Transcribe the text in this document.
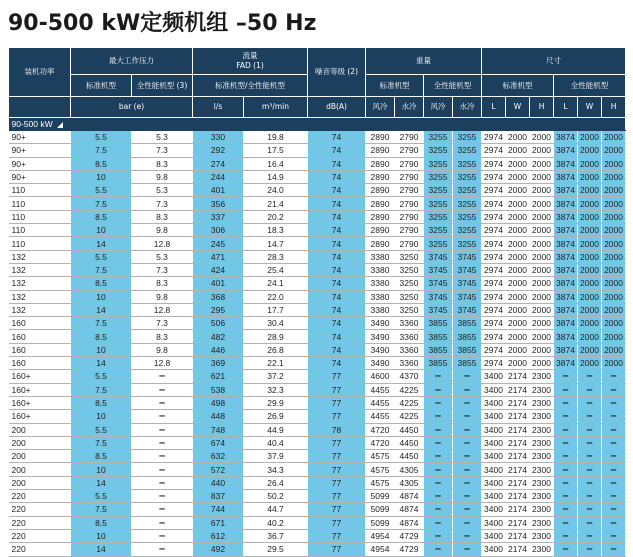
90-500 kW定频机组 –50 Hz
装机功率	最大工作压力		流量
FAD (1)		噪音等级 (2)	重量				尺寸					
	标准机型	全性能机型 (3)	标准机型/全性能机型			标准机型		全性能机型		标准机型			全性能机型		
	bar (e)		l/s	m³/min	dB(A)	风冷	水冷	风冷	水冷	L	W	H	L	W	H
90-500 kW															
90+	5.5	5.3	330	19.8	74	2890	2790	3255	3255	2974	2000	2000	3874	2000	2000
90+	7.5	7.3	292	17.5	74	2890	2790	3255	3255	2974	2000	2000	3874	2000	2000
90+	8.5	8.3	274	16.4	74	2890	2790	3255	3255	2974	2000	2000	3874	2000	2000
90+	10	9.8	244	14.9	74	2890	2790	3255	3255	2974	2000	2000	3874	2000	2000
110	5.5	5.3	401	24.0	74	2890	2790	3255	3255	2974	2000	2000	3874	2000	2000
110	7.5	7.3	356	21.4	74	2890	2790	3255	3255	2974	2000	2000	3874	2000	2000
110	8.5	8.3	337	20.2	74	2890	2790	3255	3255	2974	2000	2000	3874	2000	2000
110	10	9.8	306	18.3	74	2890	2790	3255	3255	2974	2000	2000	3874	2000	2000
110	14	12.8	245	14.7	74	2890	2790	3255	3255	2974	2000	2000	3874	2000	2000
132	5.5	5.3	471	28.3	74	3380	3250	3745	3745	2974	2000	2000	3874	2000	2000
132	7.5	7.3	424	25.4	74	3380	3250	3745	3745	2974	2000	2000	3874	2000	2000
132	8.5	8.3	401	24.1	74	3380	3250	3745	3745	2974	2000	2000	3874	2000	2000
132	10	9.8	368	22.0	74	3380	3250	3745	3745	2974	2000	2000	3874	2000	2000
132	14	12.8	295	17.7	74	3380	3250	3745	3745	2974	2000	2000	3874	2000	2000
160	7.5	7.3	506	30.4	74	3490	3360	3855	3855	2974	2000	2000	3874	2000	2000
160	8.5	8.3	482	28.9	74	3490	3360	3855	3855	2974	2000	2000	3874	2000	2000
160	10	9.8	446	26.8	74	3490	3360	3855	3855	2974	2000	2000	3874	2000	2000
160	14	12.8	369	22.1	74	3490	3360	3855	3855	2974	2000	2000	3874	2000	2000
160+	5.5	–	621	37.2	77	4600	4370	–	–	3400	2174	2300	–	–	–
160+	7.5	–	538	32.3	77	4455	4225	–	–	3400	2174	2300	–	–	–
160+	8.5	–	498	29.9	77	4455	4225	–	–	3400	2174	2300	–	–	–
160+	10	–	448	26.9	77	4455	4225	–	–	3400	2174	2300	–	–	–
200	5.5	–	748	44.9	78	4720	4450	–	–	3400	2174	2300	–	–	–
200	7.5	–	674	40.4	77	4720	4450	–	–	3400	2174	2300	–	–	–
200	8.5	–	632	37.9	77	4575	4450	–	–	3400	2174	2300	–	–	–
200	10	–	572	34.3	77	4575	4305	–	–	3400	2174	2300	–	–	–
200	14	–	440	26.4	77	4575	4305	–	–	3400	2174	2300	–	–	–
220	5.5	–	837	50.2	77	5099	4874	–	–	3400	2174	2300	–	–	–
220	7.5	–	744	44.7	77	5099	4874	–	–	3400	2174	2300	–	–	–
220	8.5	–	671	40.2	77	5099	4874	–	–	3400	2174	2300	–	–	–
220	10	–	612	36.7	77	4954	4729	–	–	3400	2174	2300	–	–	–
220	14	–	492	29.5	77	4954	4729	–	–	3400	2174	2300	–	–	–
